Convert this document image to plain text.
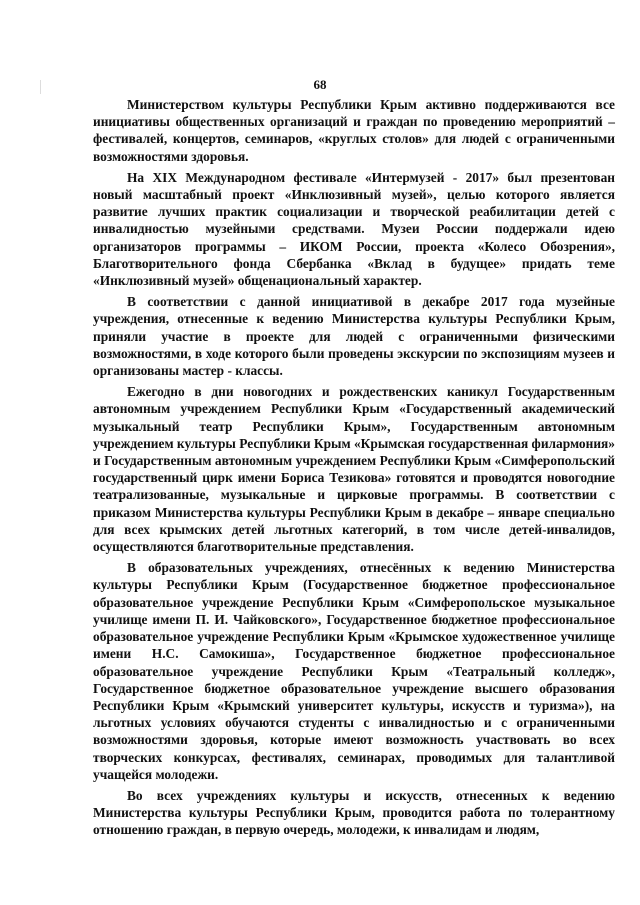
68

Министерством культуры Республики Крым активно поддерживаются все инициативы общественных организаций и граждан по проведению мероприятий – фестивалей, концертов, семинаров, «круглых столов» для людей с ограниченными возможностями здоровья.

На XIX Международном фестивале «Интермузей - 2017» был презентован новый масштабный проект «Инклюзивный музей», целью которого является развитие лучших практик социализации и творческой реабилитации детей с инвалидностью музейными средствами. Музеи России поддержали идею организаторов программы – ИКОМ России, проекта «Колесо Обозрения», Благотворительного фонда Сбербанка «Вклад в будущее» придать теме «Инклюзивный музей» общенациональный характер.

В соответствии с данной инициативой в декабре 2017 года музейные учреждения, отнесенные к ведению Министерства культуры Республики Крым, приняли участие в проекте для людей с ограниченными физическими возможностями, в ходе которого были проведены экскурсии по экспозициям музеев и организованы мастер - классы.

Ежегодно в дни новогодних и рождественских каникул Государственным автономным учреждением Республики Крым «Государственный академический музыкальный театр Республики Крым», Государственным автономным учреждением культуры Республики Крым «Крымская государственная филармония» и Государственным автономным учреждением Республики Крым «Симферопольский государственный цирк имени Бориса Тезикова» готовятся и проводятся новогодние театрализованные, музыкальные и цирковые программы. В соответствии с приказом Министерства культуры Республики Крым в декабре – январе специально для всех крымских детей льготных категорий, в том числе детей-инвалидов, осуществляются благотворительные представления.

В образовательных учреждениях, отнесённых к ведению Министерства культуры Республики Крым (Государственное бюджетное профессиональное образовательное учреждение Республики Крым «Симферопольское музыкальное училище имени П. И. Чайковского», Государственное бюджетное профессиональное образовательное учреждение Республики Крым «Крымское художественное училище имени Н.С. Самокиша», Государственное бюджетное профессиональное образовательное учреждение Республики Крым «Театральный колледж», Государственное бюджетное образовательное учреждение высшего образования Республики Крым «Крымский университет культуры, искусств и туризма»), на льготных условиях обучаются студенты с инвалидностью и с ограниченными возможностями здоровья, которые имеют возможность участвовать во всех творческих конкурсах, фестивалях, семинарах, проводимых для талантливой учащейся молодежи.

Во всех учреждениях культуры и искусств, отнесенных к ведению Министерства культуры Республики Крым, проводится работа по толерантному отношению граждан, в первую очередь, молодежи, к инвалидам и людям,
